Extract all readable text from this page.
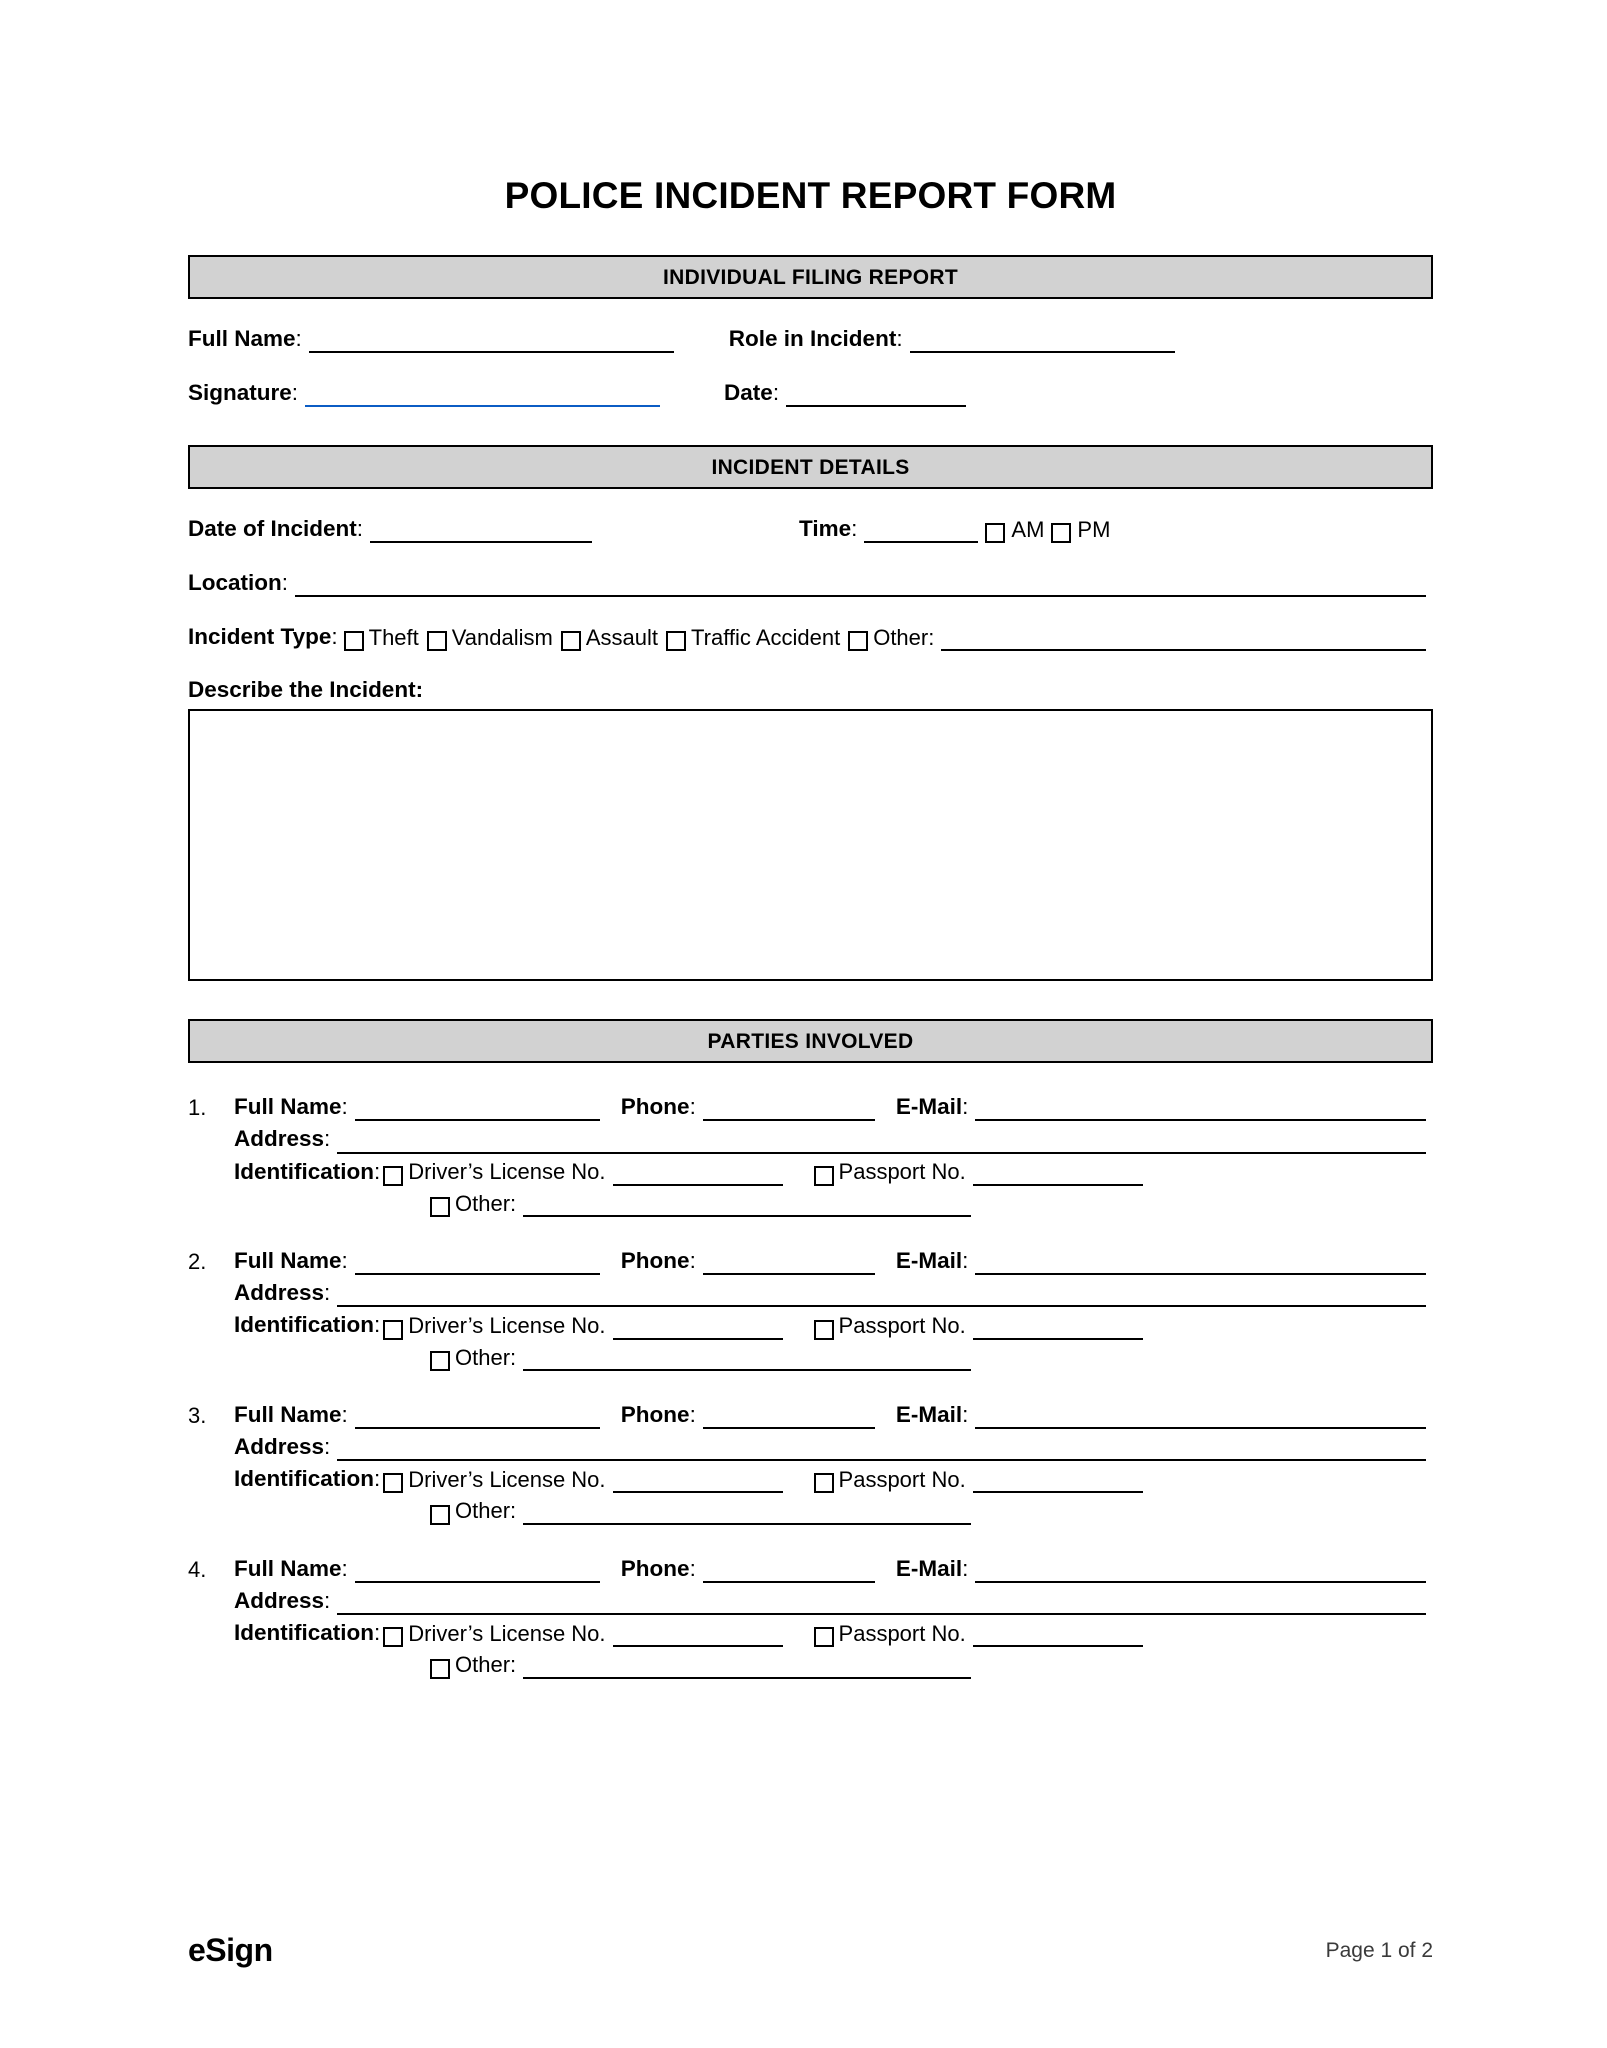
POLICE INCIDENT REPORT FORM
INDIVIDUAL FILING REPORT
Full Name:	Role in Incident:
Signature:	Date:
INCIDENT DETAILS
Date of Incident:	Time:	AM PM
Location:
Incident Type: Theft Vandalism Assault Traffic Accident Other:
Describe the Incident:
PARTIES INVOLVED
1.	Full Name:	Phone:	E-Mail:
Address:
Identification: Driver’s License No.	Passport No.
Other:
2.	Full Name:	Phone:	E-Mail:
Address:
Identification: Driver’s License No.	Passport No.
Other:
3.	Full Name:	Phone:	E-Mail:
Address:
Identification: Driver’s License No.	Passport No.
Other:
4.	Full Name:	Phone:	E-Mail:
Address:
Identification: Driver’s License No.	Passport No.
Other:
eSign	Page 1 of 2
